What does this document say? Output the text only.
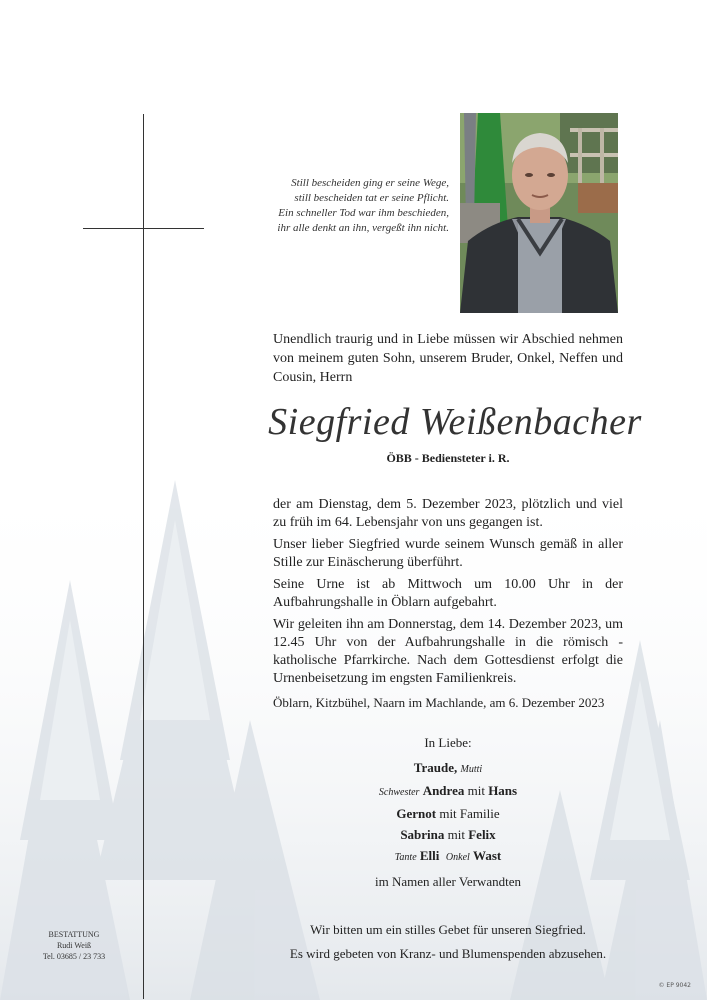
Still bescheiden ging er seine Wege,
still bescheiden tat er seine Pflicht.
Ein schneller Tod war ihm beschieden,
ihr alle denkt an ihn, vergeßt ihn nicht.
Unendlich traurig und in Liebe müssen wir Abschied nehmen von meinem guten Sohn, unserem Bruder, Onkel, Neffen und Cousin, Herrn
Siegfried Weißenbacher
ÖBB - Bediensteter i. R.

der am Dienstag, dem 5. Dezember 2023, plötzlich und viel zu früh im 64. Lebensjahr von uns gegangen ist.

Unser lieber Siegfried wurde seinem Wunsch gemäß in aller Stille zur Einäscherung überführt.

Seine Urne ist ab Mittwoch um 10.00 Uhr in der Aufbahrungshalle in Öblarn aufgebahrt.

Wir geleiten ihn am Donnerstag, dem 14. Dezember 2023, um 12.45 Uhr von der Aufbahrungshalle in die römisch - katholische Pfarrkirche. Nach dem Gottesdienst erfolgt die Urnenbeisetzung im engsten Familienkreis.

Öblarn, Kitzbühel, Naarn im Machlande, am 6. Dezember 2023

In Liebe:
Traude, Mutti
Schwester Andrea mit Hans
Gernot mit Familie
Sabrina mit Felix
Tante Elli Onkel Wast
im Namen aller Verwandten
Wir bitten um ein stilles Gebet für unseren Siegfried.
Es wird gebeten von Kranz- und Blumenspenden abzusehen.
BESTATTUNG
Rudi Weiß
Tel. 03685 / 23 733
© EP 9042
